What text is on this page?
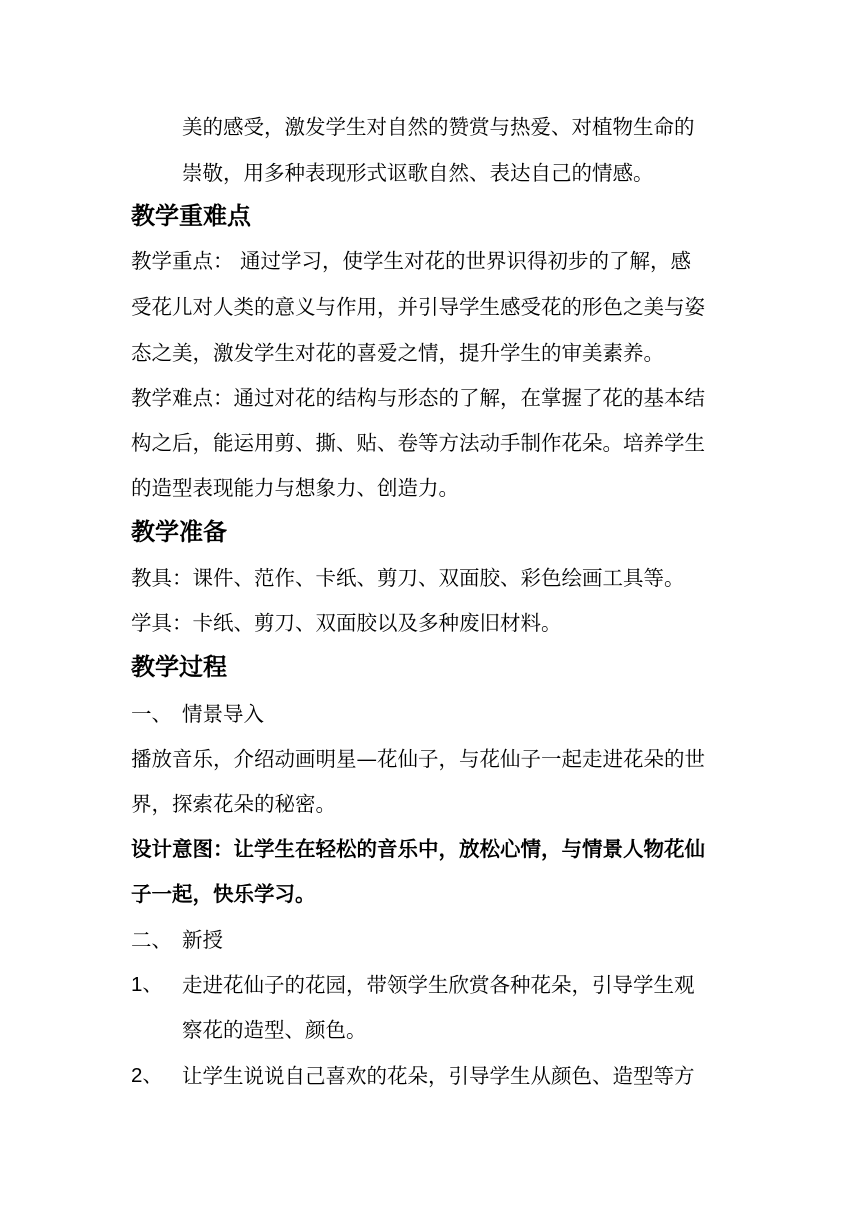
美的感受，激发学生对自然的赞赏与热爱、对植物生命的
崇敬，用多种表现形式讴歌自然、表达自己的情感。
教学重难点
教学重点： 通过学习，使学生对花的世界识得初步的了解，感
受花儿对人类的意义与作用，并引导学生感受花的形色之美与姿
态之美，激发学生对花的喜爱之情，提升学生的审美素养。
教学难点：通过对花的结构与形态的了解，在掌握了花的基本结
构之后，能运用剪、撕、贴、卷等方法动手制作花朵。培养学生
的造型表现能力与想象力、创造力。
教学准备
教具：课件、范作、卡纸、剪刀、双面胶、彩色绘画工具等。
学具：卡纸、剪刀、双面胶以及多种废旧材料。
教学过程
一、 情景导入
播放音乐，介绍动画明星—花仙子，与花仙子一起走进花朵的世
界，探索花朵的秘密。
设计意图：让学生在轻松的音乐中，放松心情，与情景人物花仙
子一起，快乐学习。
二、 新授
1、 走进花仙子的花园，带领学生欣赏各种花朵，引导学生观
察花的造型、颜色。
2、 让学生说说自己喜欢的花朵，引导学生从颜色、造型等方
